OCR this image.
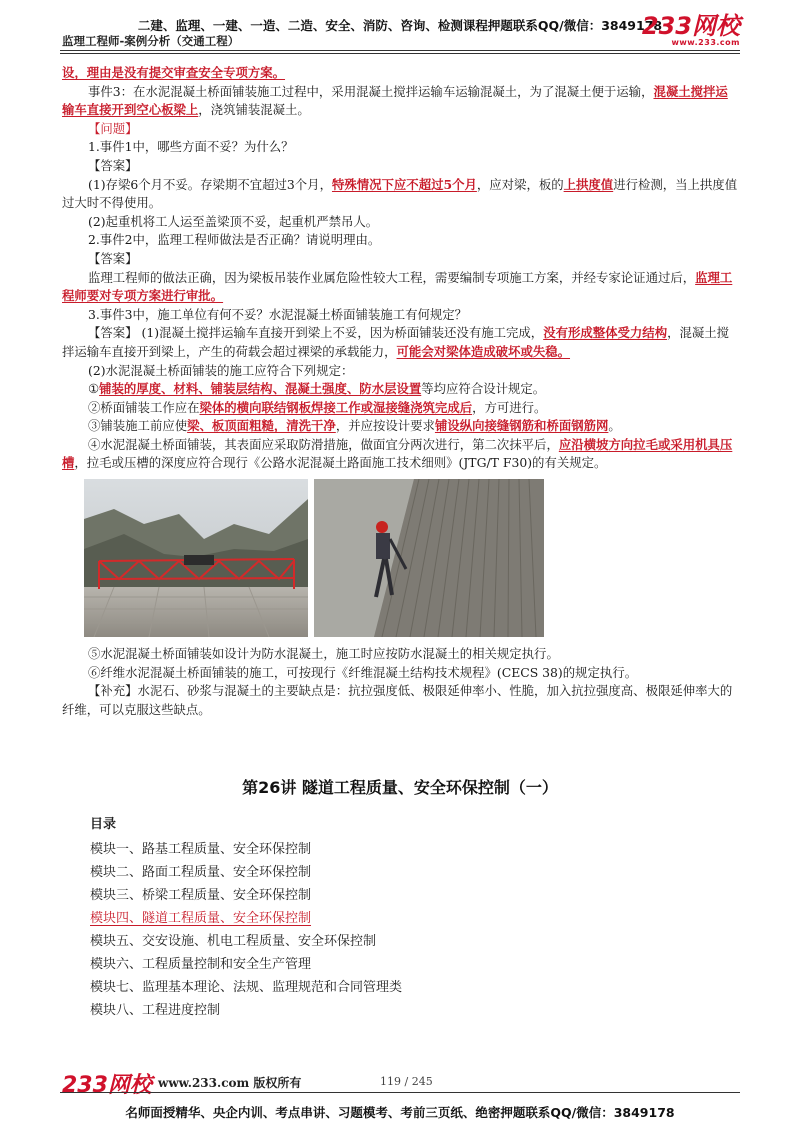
二建、监理、一建、一造、二造、安全、消防、咨询、检测课程押题联系QQ/微信：3849178
监理工程师-案例分析（交通工程）
233网校
www.233.com

设，理由是没有提交审查安全专项方案。

事件3：在水泥混凝土桥面铺装施工过程中，采用混凝土搅拌运输车运输混凝土，为了混凝土便于运输，混凝土搅拌运输车直接开到空心板梁上，浇筑铺装混凝土。

【问题】

1.事件1中，哪些方面不妥？为什么？

【答案】

(1)存梁6个月不妥。存梁期不宜超过3个月，特殊情况下应不超过5个月，应对梁，板的上拱度值进行检测，当上拱度值过大时不得使用。

(2)起重机将工人运至盖梁顶不妥，起重机严禁吊人。

2.事件2中，监理工程师做法是否正确？请说明理由。

【答案】

监理工程师的做法正确，因为梁板吊装作业属危险性较大工程，需要编制专项施工方案，并经专家论证通过后，监理工程师要对专项方案进行审批。

3.事件3中，施工单位有何不妥？水泥混凝土桥面铺装施工有何规定？

【答案】 (1)混凝土搅拌运输车直接开到梁上不妥，因为桥面铺装还没有施工完成，没有形成整体受力结构，混凝土搅拌运输车直接开到梁上，产生的荷载会超过裸梁的承载能力，可能会对梁体造成破坏或失稳。

(2)水泥混凝土桥面铺装的施工应符合下列规定：

①铺装的厚度、材料、铺装层结构、混凝土强度、防水层设置等均应符合设计规定。

②桥面铺装工作应在梁体的横向联结钢板焊接工作或湿接缝浇筑完成后，方可进行。

③铺装施工前应使梁、板顶面粗糙，清洗干净，并应按设计要求铺设纵向接缝钢筋和桥面钢筋网。

④水泥混凝土桥面铺装，其表面应采取防滑措施，做面宜分两次进行，第二次抹平后，应沿横坡方向拉毛或采用机具压槽，拉毛或压槽的深度应符合现行《公路水泥混凝土路面施工技术细则》(JTG/T F30)的有关规定。

⑤水泥混凝土桥面铺装如设计为防水混凝土，施工时应按防水混凝土的相关规定执行。

⑥纤维水泥混凝土桥面铺装的施工，可按现行《纤维混凝土结构技术规程》(CECS 38)的规定执行。

【补充】水泥石、砂浆与混凝土的主要缺点是：抗拉强度低、极限延伸率小、性脆，加入抗拉强度高、极限延伸率大的纤维，可以克服这些缺点。

第26讲 隧道工程质量、安全环保控制（一）
目录
模块一、路基工程质量、安全环保控制
模块二、路面工程质量、安全环保控制
模块三、桥梁工程质量、安全环保控制
模块四、隧道工程质量、安全环保控制
模块五、交安设施、机电工程质量、安全环保控制
模块六、工程质量控制和安全生产管理
模块七、监理基本理论、法规、监理规范和合同管理类
模块八、工程进度控制
233网校 www.233.com 版权所有	119 / 245
名师面授精华、央企内训、考点串讲、习题模考、考前三页纸、绝密押题联系QQ/微信：3849178
